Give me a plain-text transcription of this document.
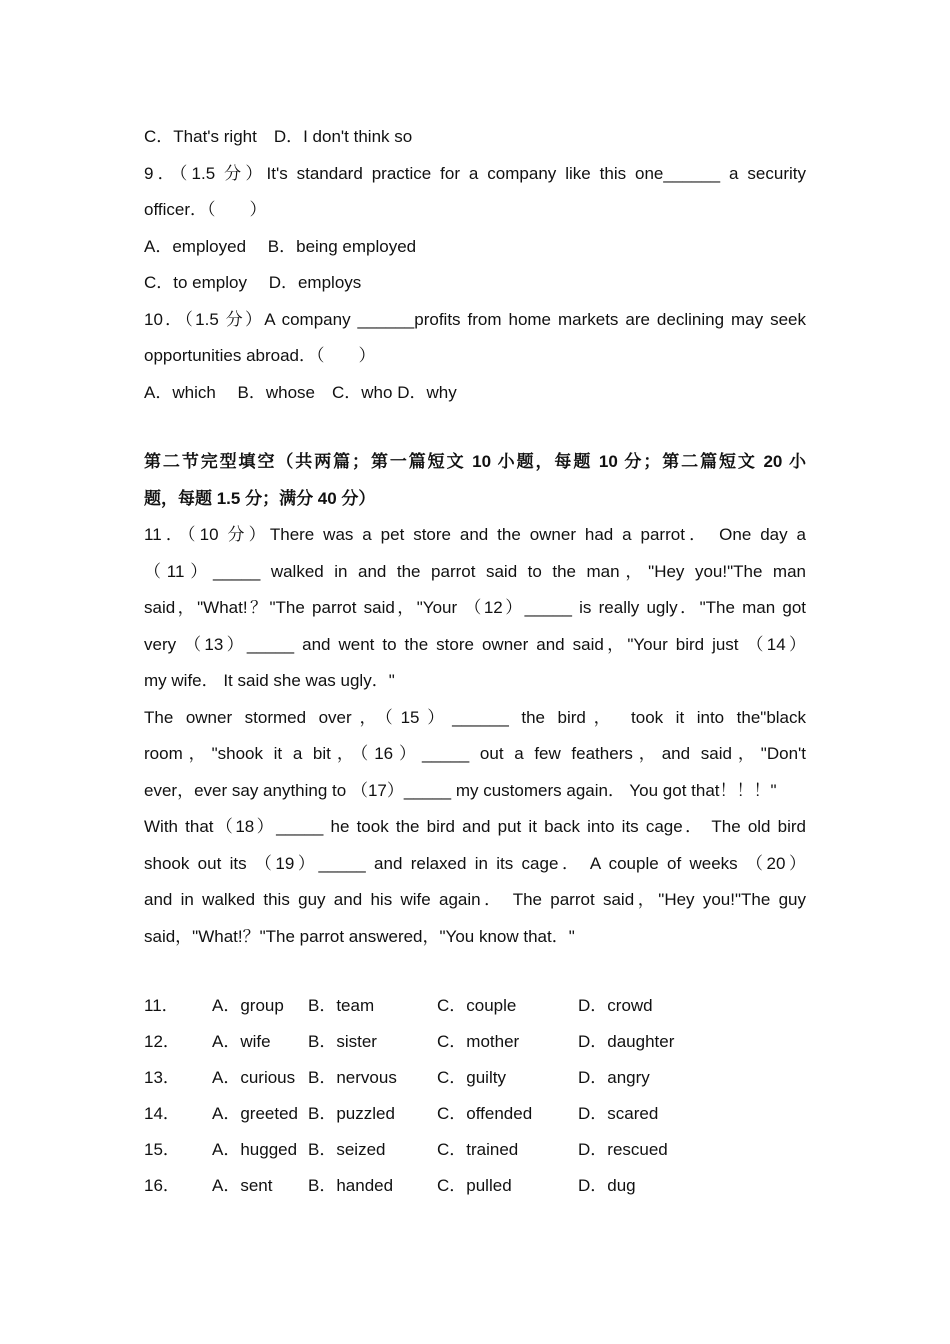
C．That's right　D．I don't think so
9．（1.5 分）It's standard practice for a company like this one______ a security
officer．（　　）
A．employed　 B．being employed
C．to employ　 D．employs
10．（1.5 分）A company ______profits from home markets are declining may seek
opportunities abroad．（　　）
A．which　 B．whose　C．who D．why
第二节完型填空（共两篇；第一篇短文 10 小题，每题 10 分；第二篇短文 20 小
题，每题 1.5 分；满分 40 分）
11．（10 分）There was a pet store and the owner had a parrot． One day a
（11）_____ walked in and the parrot said to the man，"Hey you!"The man
said，"What!？"The parrot said，"Your （12）_____ is really ugly．"The man got
very （13）_____ and went to the store owner and said，"Your bird just （14）
my wife． It said she was ugly．"
The owner stormed over，（15）______ the bird， took it into the"black
room，"shook it a bit，（16）_____ out a few feathers，and said，"Don't
ever，ever say anything to （17）_____ my customers again． You got that！！！"
With that（18）_____ he took the bird and put it back into its cage． The old bird
shook out its （19）_____ and relaxed in its cage． A couple of weeks （20）
and in walked this guy and his wife again． The parrot said，"Hey you!"The guy
said，"What!？"The parrot answered，"You know that．"
11． A．group B．team	C．couple	D．crowd
12． A．wife B．sister	C．mother	D．daughter
13． A．curious B．nervous C．guilty	D．angry
14． A．greeted B．puzzled C．offended	D．scared
15． A．hugged B．seized	C．trained	D．rescued
16． A．sent B．handed	C．pulled	D．dug
